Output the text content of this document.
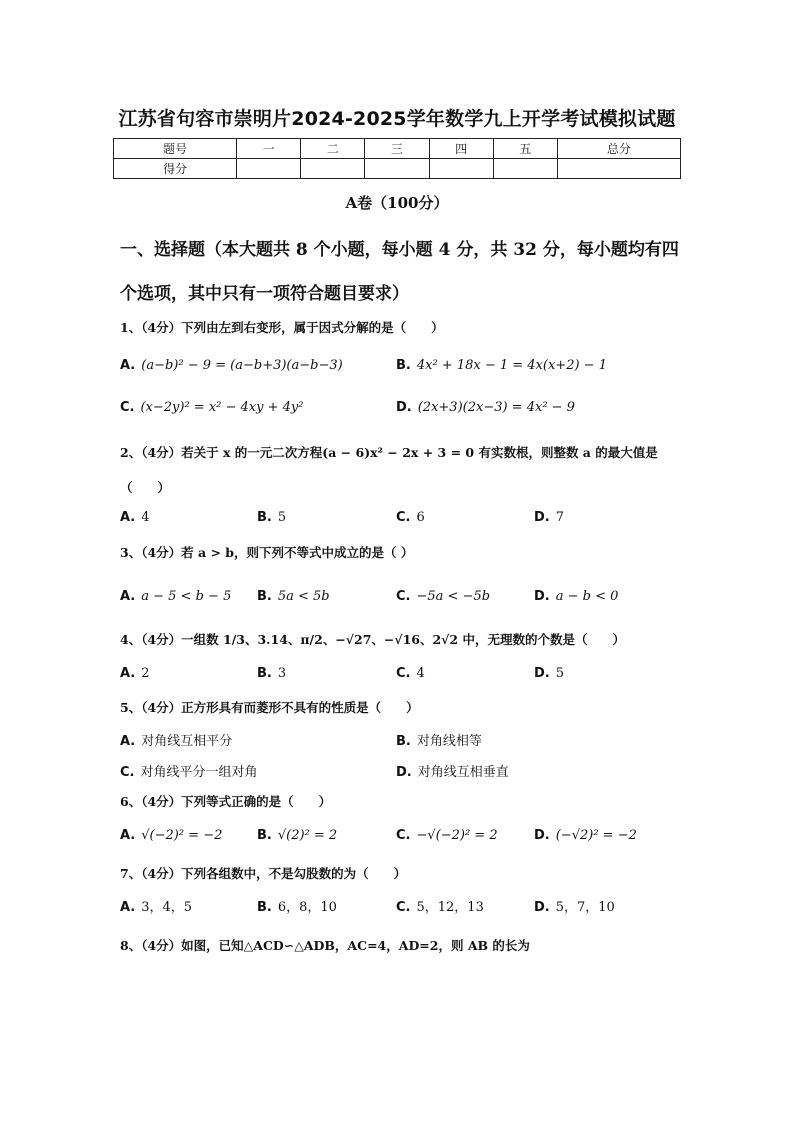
江苏省句容市崇明片2024-2025学年数学九上开学考试模拟试题
题号	一	二	三	四	五	总分
得分						
A卷（100分）
一、选择题（本大题共 8 个小题，每小题 4 分，共 32 分，每小题均有四个选项，其中只有一项符合题目要求）
1、（4分）下列由左到右变形，属于因式分解的是（　　）
A. (a−b)² − 9 = (a−b+3)(a−b−3)	B. 4x² + 18x − 1 = 4x(x+2) − 1
C. (x−2y)² = x² − 4xy + 4y²	D. (2x+3)(2x−3) = 4x² − 9
2、（4分）若关于 x 的一元二次方程(a − 6)x² − 2x + 3 = 0 有实数根，则整数 a 的最大值是
（　　）
A. 4	B. 5	C. 6	D. 7
3、（4分）若 a > b，则下列不等式中成立的是（ ）
A. a − 5 < b − 5 B. 5a < 5b	C. −5a < −5b	D. a − b < 0
4、（4分）一组数 1/3、3.14、π/2、−√27、−√16、2√2 中，无理数的个数是（　　）
A. 2	B. 3	C. 4	D. 5
5、（4分）正方形具有而菱形不具有的性质是（　　）
A. 对角线互相平分	B. 对角线相等
C. 对角线平分一组对角	D. 对角线互相垂直
6、（4分）下列等式正确的是（　　）
A. √(−2)² = −2	B. √(2)² = 2	C. −√(−2)² = 2	D. (−√2)² = −2
7、（4分）下列各组数中，不是勾股数的为（　　）
A. 3，4，5	B. 6，8，10	C. 5，12，13	D. 5，7，10
8、（4分）如图，已知△ACD∽△ADB，AC=4，AD=2，则 AB 的长为
